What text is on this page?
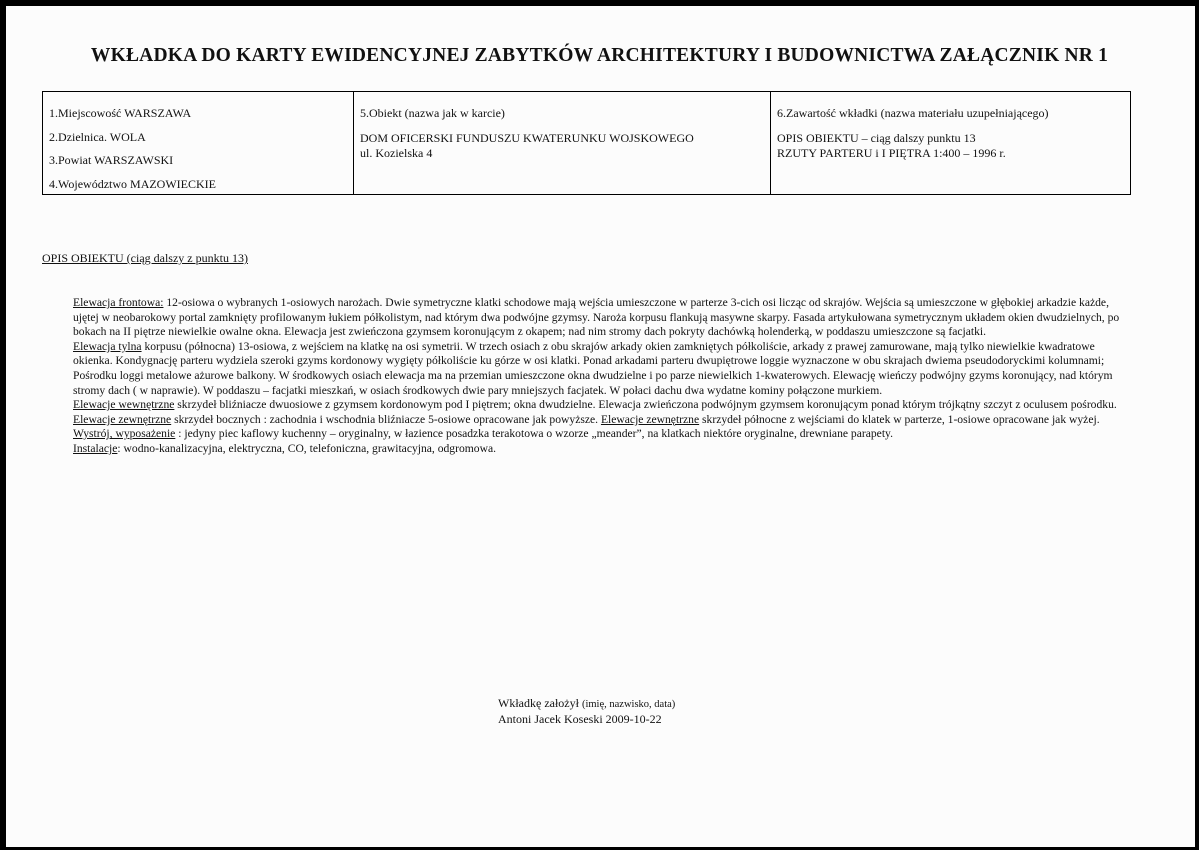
WKŁADKA DO KARTY EWIDENCYJNEJ ZABYTKÓW ARCHITEKTURY I BUDOWNICTWA ZAŁĄCZNIK NR 1
1.Miejscowość WARSZAWA
2.Dzielnica. WOLA
3.Powiat WARSZAWSKI
4.Województwo MAZOWIECKIE
5.Obiekt (nazwa jak w karcie)
DOM OFICERSKI FUNDUSZU KWATERUNKU WOJSKOWEGO
ul. Kozielska 4
6.Zawartość wkładki (nazwa materiału uzupełniającego)
OPIS OBIEKTU – ciąg dalszy punktu 13
RZUTY PARTERU i I PIĘTRA 1:400 – 1996 r.
OPIS OBIEKTU (ciąg dalszy z punktu 13)

Elewacja frontowa: 12-osiowa o wybranych 1-osiowych narożach. Dwie symetryczne klatki schodowe mają wejścia umieszczone w parterze 3-cich osi licząc od skrajów. Wejścia są umieszczone w głębokiej arkadzie każde, ujętej w neobarokowy portal zamknięty profilowanym łukiem półkolistym, nad którym dwa podwójne gzymsy. Naroża korpusu flankują masywne skarpy. Fasada artykułowana symetrycznym układem okien dwudzielnych, po bokach na II piętrze niewielkie owalne okna. Elewacja jest zwieńczona gzymsem koronującym z okapem; nad nim stromy dach pokryty dachówką holenderką, w poddaszu umieszczone są facjatki.

Elewacja tylna korpusu (północna) 13-osiowa, z wejściem na klatkę na osi symetrii. W trzech osiach z obu skrajów arkady okien zamkniętych półkoliście, arkady z prawej zamurowane, mają tylko niewielkie kwadratowe okienka. Kondygnację parteru wydziela szeroki gzyms kordonowy wygięty półkoliście ku górze w osi klatki. Ponad arkadami parteru dwupiętrowe loggie wyznaczone w obu skrajach dwiema pseudodoryckimi kolumnami; Pośrodku loggi metalowe ażurowe balkony. W środkowych osiach elewacja ma na przemian umieszczone okna dwudzielne i po parze niewielkich 1-kwaterowych. Elewację wieńczy podwójny gzyms koronujący, nad którym stromy dach ( w naprawie). W poddaszu – facjatki mieszkań, w osiach środkowych dwie pary mniejszych facjatek. W połaci dachu dwa wydatne kominy połączone murkiem.

Elewacje wewnętrzne skrzydeł bliźniacze dwuosiowe z gzymsem kordonowym pod I piętrem; okna dwudzielne. Elewacja zwieńczona podwójnym gzymsem koronującym ponad którym trójkątny szczyt z oculusem pośrodku. Elewacje zewnętrzne skrzydeł bocznych : zachodnia i wschodnia bliźniacze 5-osiowe opracowane jak powyższe. Elewacje zewnętrzne skrzydeł północne z wejściami do klatek w parterze, 1-osiowe opracowane jak wyżej.

Wystrój, wyposażenie : jedyny piec kaflowy kuchenny – oryginalny, w łazience posadzka terakotowa o wzorze „meander”, na klatkach niektóre oryginalne, drewniane parapety.

Instalacje: wodno-kanalizacyjna, elektryczna, CO, telefoniczna, grawitacyjna, odgromowa.

Wkładkę założył (imię, nazwisko, data)
Antoni Jacek Koseski 2009-10-22
